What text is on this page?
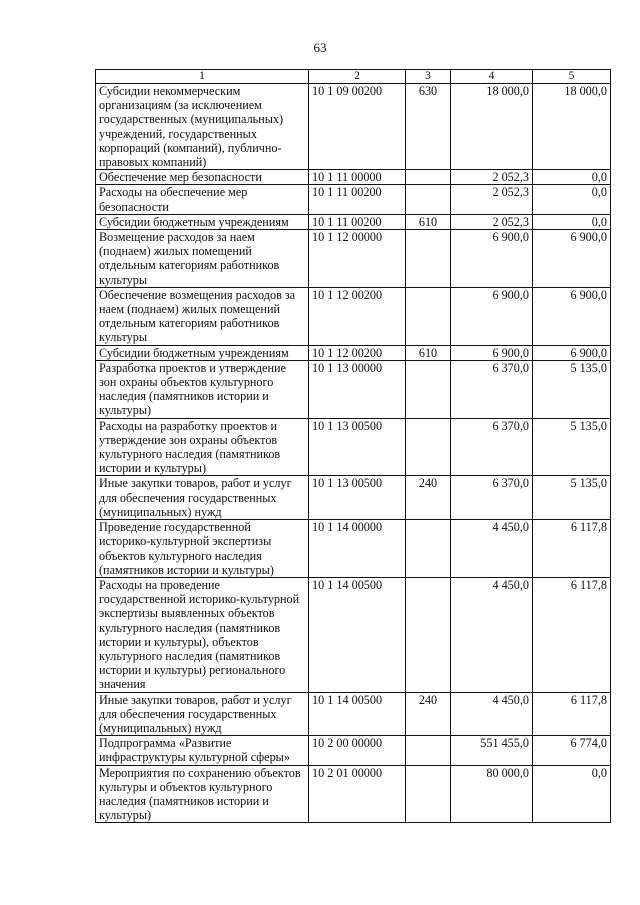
63
1	2	3	4	5
Субсидии некоммерческим организациям (за исключением государственных (муниципальных) учреждений, государственных корпораций (компаний), публично-правовых компаний)	10 1 09 00200	630	18 000,0	18 000,0
Обеспечение мер безопасности	10 1 11 00000		2 052,3	0,0
Расходы на обеспечение мер безопасности	10 1 11 00200		2 052,3	0,0
Субсидии бюджетным учреждениям	10 1 11 00200	610	2 052,3	0,0
Возмещение расходов за наем (поднаем) жилых помещений отдельным категориям работников культуры	10 1 12 00000		6 900,0	6 900,0
Обеспечение возмещения расходов за наем (поднаем) жилых помещений отдельным категориям работников культуры	10 1 12 00200		6 900,0	6 900,0
Субсидии бюджетным учреждениям	10 1 12 00200	610	6 900,0	6 900,0
Разработка проектов и утверждение зон охраны объектов культурного наследия (памятников истории и культуры)	10 1 13 00000		6 370,0	5 135,0
Расходы на разработку проектов и утверждение зон охраны объектов культурного наследия (памятников истории и культуры)	10 1 13 00500		6 370,0	5 135,0
Иные закупки товаров, работ и услуг для обеспечения государственных (муниципальных) нужд	10 1 13 00500	240	6 370,0	5 135,0
Проведение государственной историко-культурной экспертизы объектов культурного наследия (памятников истории и культуры)	10 1 14 00000		4 450,0	6 117,8
Расходы на проведение государственной историко-культурной экспертизы выявленных объектов культурного наследия (памятников истории и культуры), объектов культурного наследия (памятников истории и культуры) регионального значения	10 1 14 00500		4 450,0	6 117,8
Иные закупки товаров, работ и услуг для обеспечения государственных (муниципальных) нужд	10 1 14 00500	240	4 450,0	6 117,8
Подпрограмма «Развитие инфраструктуры культурной сферы»	10 2 00 00000		551 455,0	6 774,0
Мероприятия по сохранению объектов культуры и объектов культурного наследия (памятников истории и культуры)	10 2 01 00000		80 000,0	0,0
